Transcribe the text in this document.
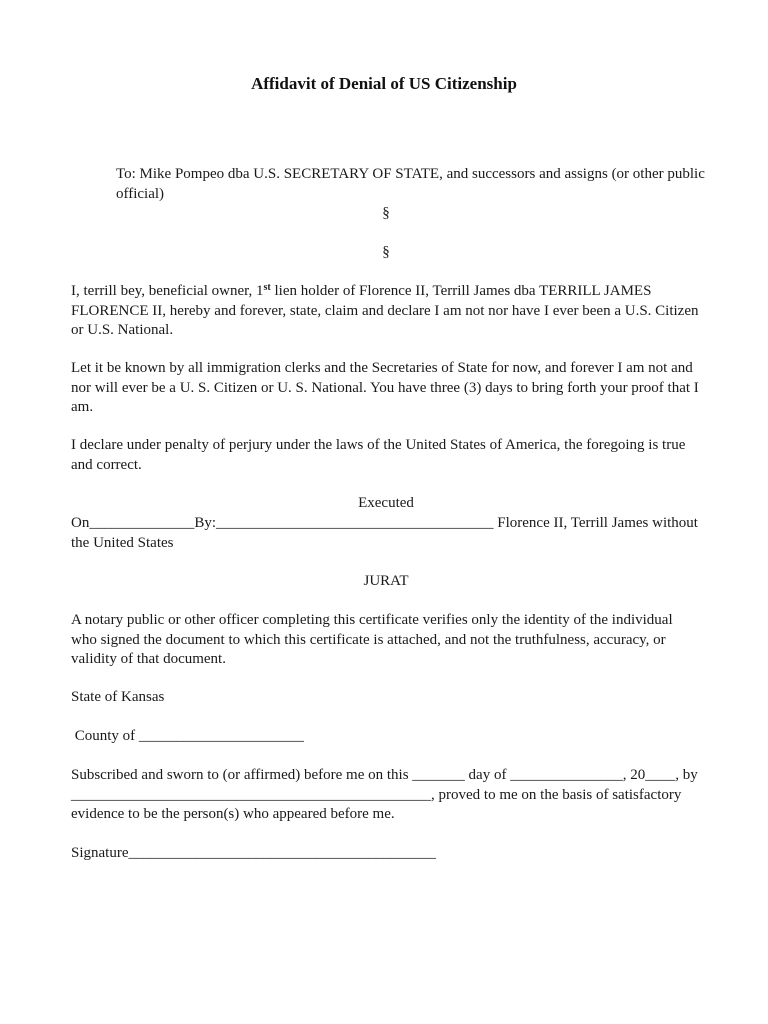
Affidavit of Denial of US Citizenship
To: Mike Pompeo dba U.S. SECRETARY OF STATE, and successors and assigns (or other public official)
§
§
I, terrill bey, beneficial owner, 1st lien holder of Florence II, Terrill James dba TERRILL JAMES FLORENCE II, hereby and forever, state, claim and declare I am not nor have I ever been a U.S. Citizen or U.S. National.
Let it be known by all immigration clerks and the Secretaries of State for now, and forever I am not and nor will ever be a U. S. Citizen or U. S. National. You have three (3) days to bring forth your proof that I am.
I declare under penalty of perjury under the laws of the United States of America, the foregoing is true and correct.
Executed
On______________By:_____________________________________ Florence II, Terrill James without the United States
JURAT
A notary public or other officer completing this certificate verifies only the identity of the individual who signed the document to which this certificate is attached, and not the truthfulness, accuracy, or validity of that document.
State of Kansas
County of ______________________
Subscribed and sworn to (or affirmed) before me on this _______ day of _______________, 20____, by ________________________________________________, proved to me on the basis of satisfactory evidence to be the person(s) who appeared before me.
Signature_________________________________________
